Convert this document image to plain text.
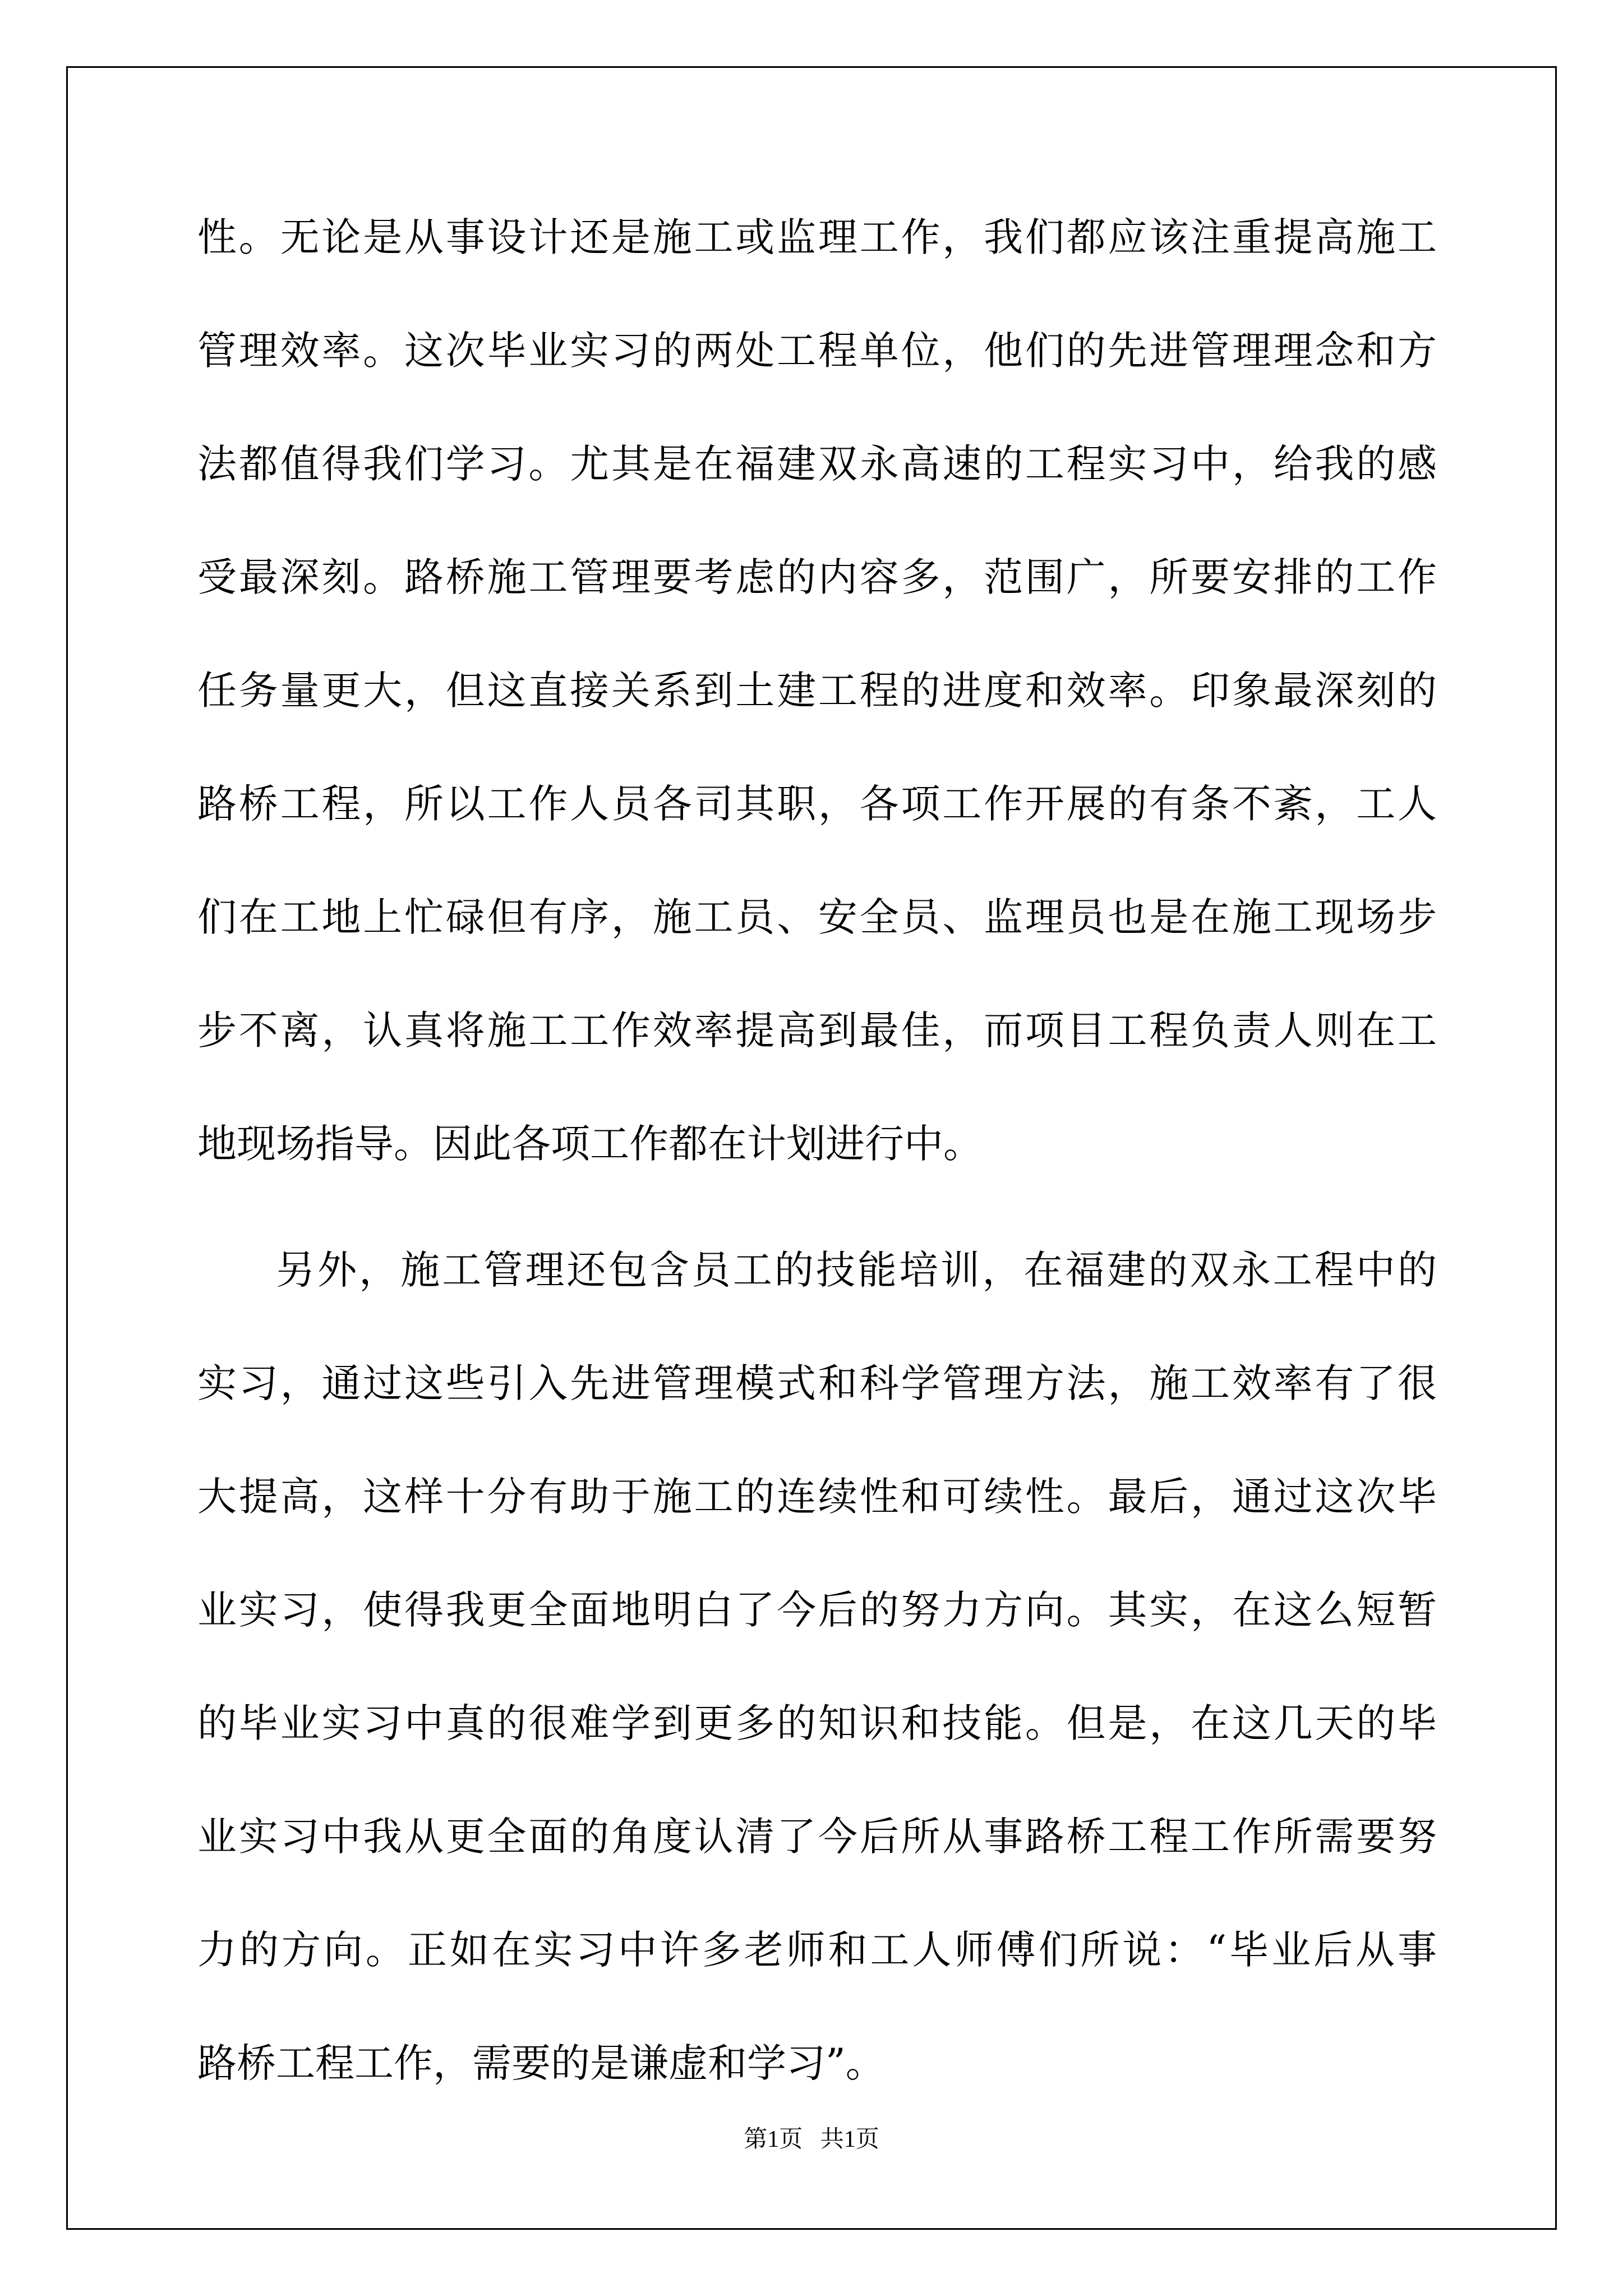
性。无论是从事设计还是施工或监理工作，我们都应该注重提高施工
管理效率。这次毕业实习的两处工程单位，他们的先进管理理念和方
法都值得我们学习。尤其是在福建双永高速的工程实习中，给我的感
受最深刻。路桥施工管理要考虑的内容多，范围广，所要安排的工作
任务量更大，但这直接关系到土建工程的进度和效率。印象最深刻的
路桥工程，所以工作人员各司其职，各项工作开展的有条不紊，工人
们在工地上忙碌但有序，施工员、安全员、监理员也是在施工现场步
步不离，认真将施工工作效率提高到最佳，而项目工程负责人则在工
地现场指导。因此各项工作都在计划进行中。
另外，施工管理还包含员工的技能培训，在福建的双永工程中的
实习，通过这些引入先进管理模式和科学管理方法，施工效率有了很
大提高，这样十分有助于施工的连续性和可续性。最后，通过这次毕
业实习，使得我更全面地明白了今后的努力方向。其实，在这么短暂
的毕业实习中真的很难学到更多的知识和技能。但是，在这几天的毕
业实习中我从更全面的角度认清了今后所从事路桥工程工作所需要努
力的方向。正如在实习中许多老师和工人师傅们所说：“毕业后从事
路桥工程工作，需要的是谦虚和学习”。
第1页   共1页
